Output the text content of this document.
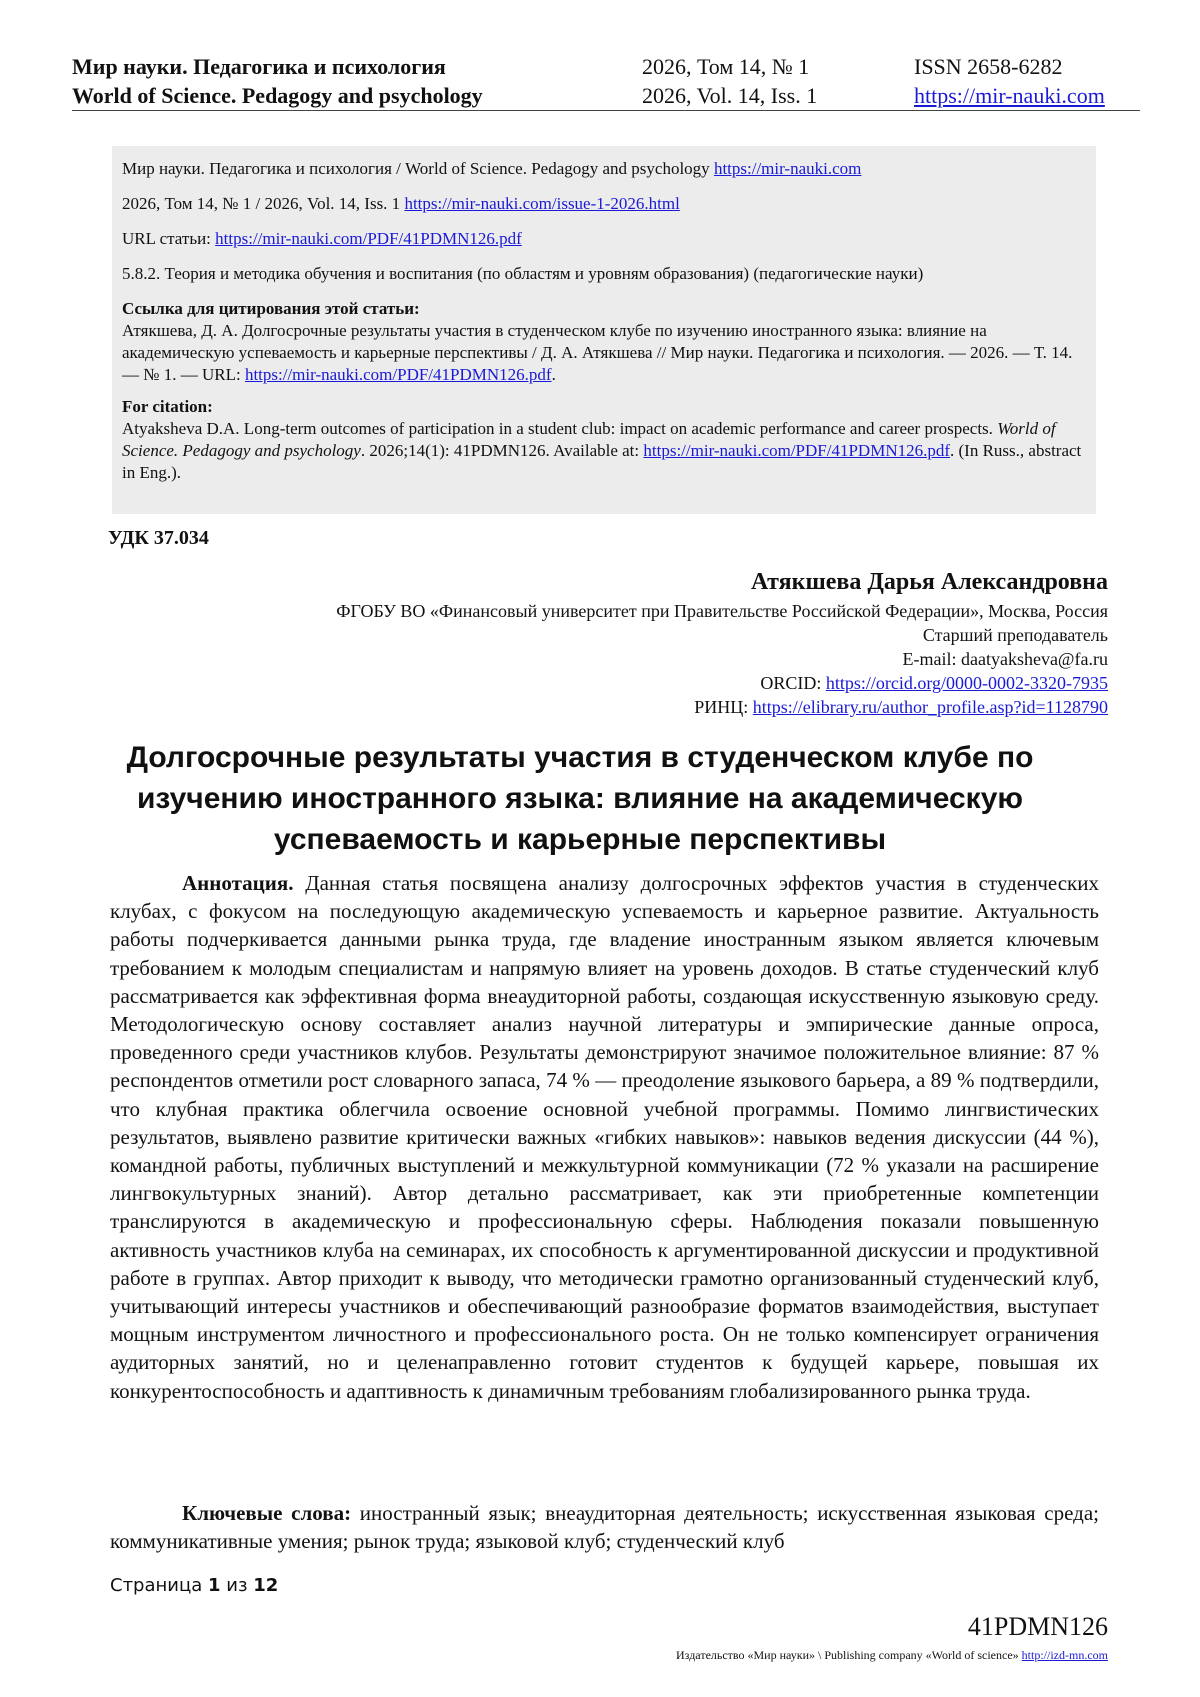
Мир науки. Педагогика и психология
World of Science. Pedagogy and psychology
2026, Том 14, № 1
2026, Vol. 14, Iss. 1
ISSN 2658-6282
https://mir-nauki.com

Мир науки. Педагогика и психология / World of Science. Pedagogy and psychology https://mir-nauki.com

2026, Том 14, № 1 / 2026, Vol. 14, Iss. 1 https://mir-nauki.com/issue-1-2026.html

URL статьи: https://mir-nauki.com/PDF/41PDMN126.pdf

5.8.2. Теория и методика обучения и воспитания (по областям и уровням образования) (педагогические науки)

Ссылка для цитирования этой статьи:

Атякшева, Д. А. Долгосрочные результаты участия в студенческом клубе по изучению иностранного языка: влияние на академическую успеваемость и карьерные перспективы / Д. А. Атякшева // Мир науки. Педагогика и психология. — 2026. — Т. 14. — № 1. — URL: https://mir-nauki.com/PDF/41PDMN126.pdf.

For citation:

Atyaksheva D.A. Long-term outcomes of participation in a student club: impact on academic performance and career prospects. World of Science. Pedagogy and psychology. 2026;14(1): 41PDMN126. Available at: https://mir-nauki.com/PDF/41PDMN126.pdf. (In Russ., abstract in Eng.).

УДК 37.034
Атякшева Дарья Александровна
ФГОБУ ВО «Финансовый университет при Правительстве Российской Федерации», Москва, Россия
Старший преподаватель
E-mail: daatyaksheva@fa.ru
ORCID: https://orcid.org/0000-0002-3320-7935
РИНЦ: https://elibrary.ru/author_profile.asp?id=1128790
Долгосрочные результаты участия в студенческом клубе по изучению иностранного языка: влияние на академическую успеваемость и карьерные перспективы
Аннотация. Данная статья посвящена анализу долгосрочных эффектов участия в студенческих клубах, с фокусом на последующую академическую успеваемость и карьерное развитие. Актуальность работы подчеркивается данными рынка труда, где владение иностранным языком является ключевым требованием к молодым специалистам и напрямую влияет на уровень доходов. В статье студенческий клуб рассматривается как эффективная форма внеаудиторной работы, создающая искусственную языковую среду. Методологическую основу составляет анализ научной литературы и эмпирические данные опроса, проведенного среди участников клубов. Результаты демонстрируют значимое положительное влияние: 87 % респондентов отметили рост словарного запаса, 74 % — преодоление языкового барьера, а 89 % подтвердили, что клубная практика облегчила освоение основной учебной программы. Помимо лингвистических результатов, выявлено развитие критически важных «гибких навыков»: навыков ведения дискуссии (44 %), командной работы, публичных выступлений и межкультурной коммуникации (72 % указали на расширение лингвокультурных знаний). Автор детально рассматривает, как эти приобретенные компетенции транслируются в академическую и профессиональную сферы. Наблюдения показали повышенную активность участников клуба на семинарах, их способность к аргументированной дискуссии и продуктивной работе в группах. Автор приходит к выводу, что методически грамотно организованный студенческий клуб, учитывающий интересы участников и обеспечивающий разнообразие форматов взаимодействия, выступает мощным инструментом личностного и профессионального роста. Он не только компенсирует ограничения аудиторных занятий, но и целенаправленно готовит студентов к будущей карьере, повышая их конкурентоспособность и адаптивность к динамичным требованиям глобализированного рынка труда.
Ключевые слова: иностранный язык; внеаудиторная деятельность; искусственная языковая среда; коммуникативные умения; рынок труда; языковой клуб; студенческий клуб
Страница 1 из 12
41PDMN126
Издательство «Мир науки» \ Publishing company «World of science» http://izd-mn.com
